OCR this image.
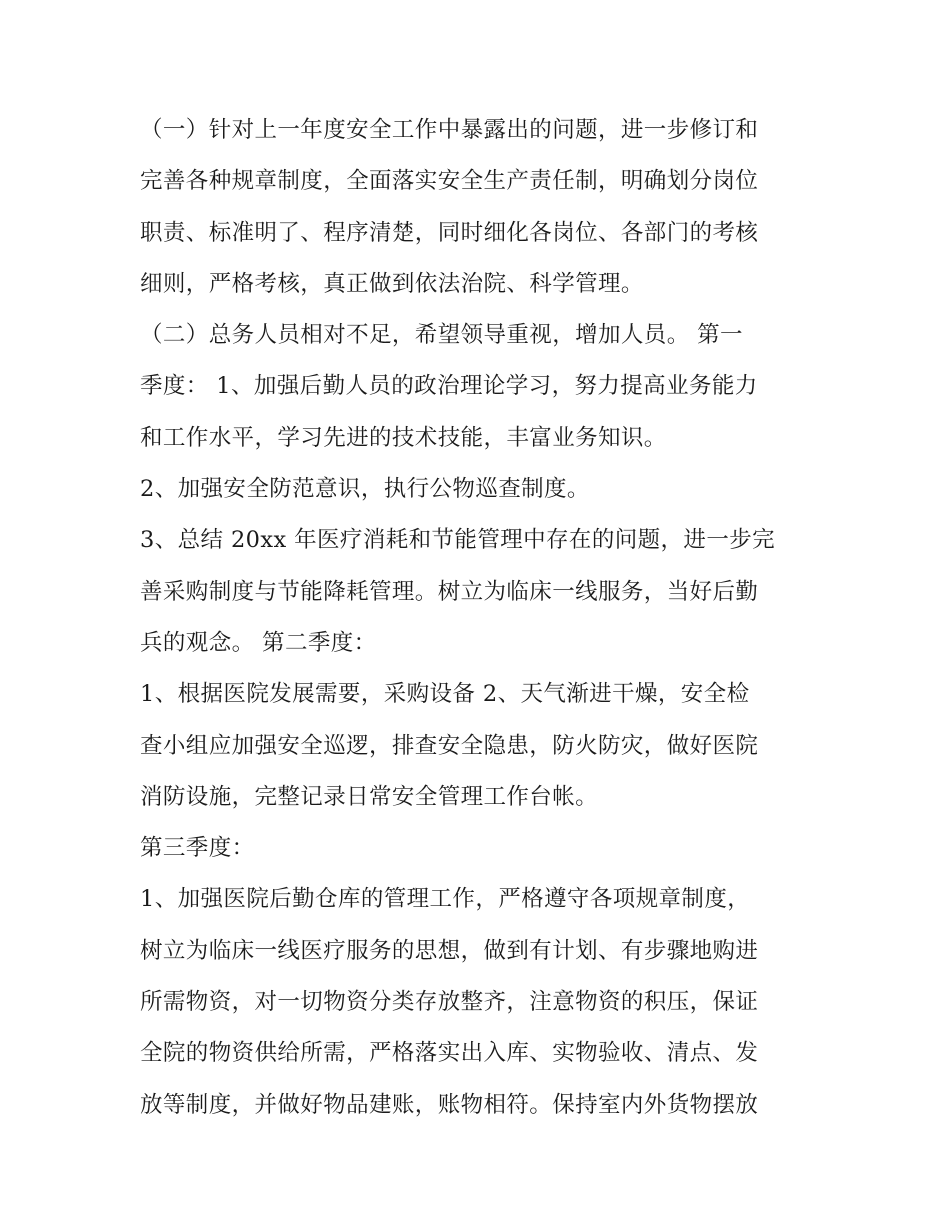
（一）针对上一年度安全工作中暴露出的问题，进一步修订和
完善各种规章制度，全面落实安全生产责任制，明确划分岗位
职责、标准明了、程序清楚，同时细化各岗位、各部门的考核
细则，严格考核，真正做到依法治院、科学管理。
（二）总务人员相对不足，希望领导重视，增加人员。 第一
季度： 1、加强后勤人员的政治理论学习，努力提高业务能力
和工作水平，学习先进的技术技能，丰富业务知识。
2、加强安全防范意识，执行公物巡查制度。
3、总结 20xx 年医疗消耗和节能管理中存在的问题，进一步完
善采购制度与节能降耗管理。树立为临床一线服务，当好后勤
兵的观念。 第二季度：
1、根据医院发展需要，采购设备 2、天气渐进干燥，安全检
查小组应加强安全巡逻，排查安全隐患，防火防灾，做好医院
消防设施，完整记录日常安全管理工作台帐。
第三季度：
1、加强医院后勤仓库的管理工作，严格遵守各项规章制度，
树立为临床一线医疗服务的思想，做到有计划、有步骤地购进
所需物资，对一切物资分类存放整齐，注意物资的积压，保证
全院的物资供给所需，严格落实出入库、实物验收、清点、发
放等制度，并做好物品建账，账物相符。保持室内外货物摆放
